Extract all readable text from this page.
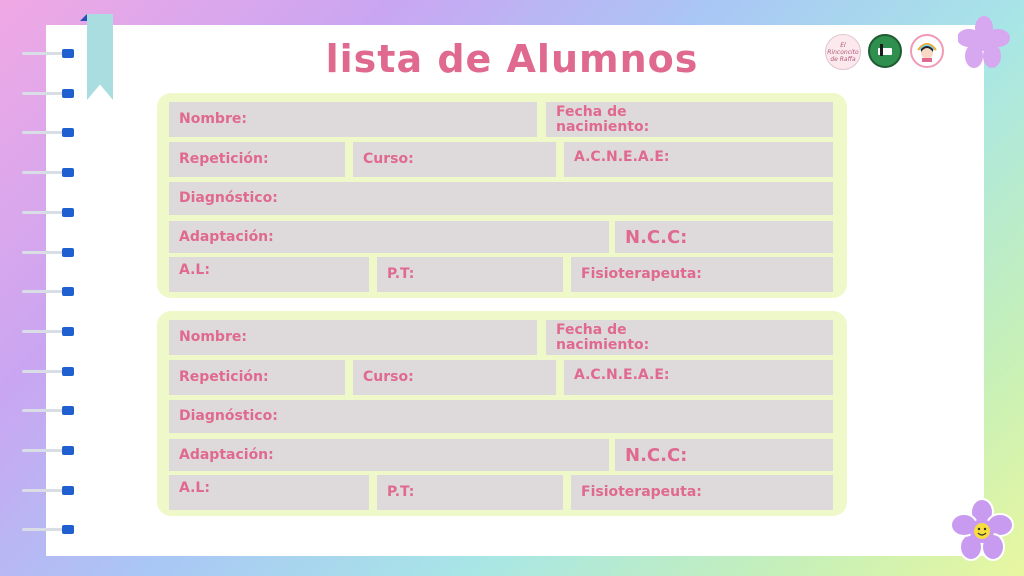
lista de Alumnos	El Rinconcito de Raffa
Nombre:	Fecha de nacimiento:
Repetición:	Curso:	A.C.N.E.A.E:
Diagnóstico:
Adaptación:	N.C.C:
A.L:	P.T:	Fisioterapeuta:
Nombre:	Fecha de nacimiento:
Repetición:	Curso:	A.C.N.E.A.E:
Diagnóstico:
Adaptación:	N.C.C:
A.L:	P.T:	Fisioterapeuta:
